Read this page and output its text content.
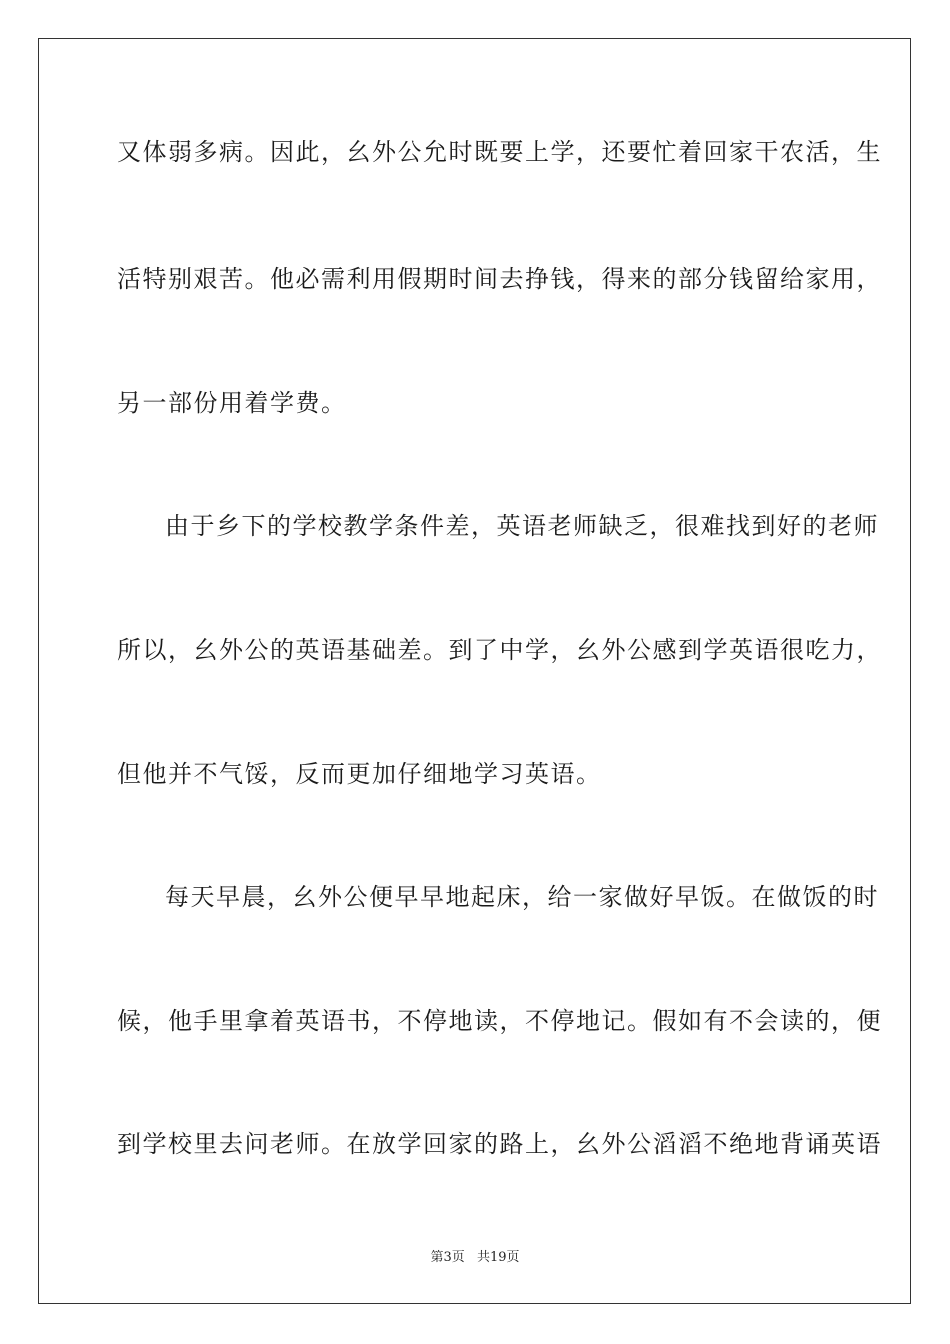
又体弱多病。因此，幺外公允时既要上学，还要忙着回家干农活，生
活特别艰苦。他必需利用假期时间去挣钱，得来的部分钱留给家用，
另一部份用着学费。
由于乡下的学校教学条件差，英语老师缺乏，很难找到好的老师
所以，幺外公的英语基础差。到了中学，幺外公感到学英语很吃力，
但他并不气馁，反而更加仔细地学习英语。
每天早晨，幺外公便早早地起床，给一家做好早饭。在做饭的时
候，他手里拿着英语书，不停地读，不停地记。假如有不会读的，便
到学校里去问老师。在放学回家的路上，幺外公滔滔不绝地背诵英语
第3页 共19页
